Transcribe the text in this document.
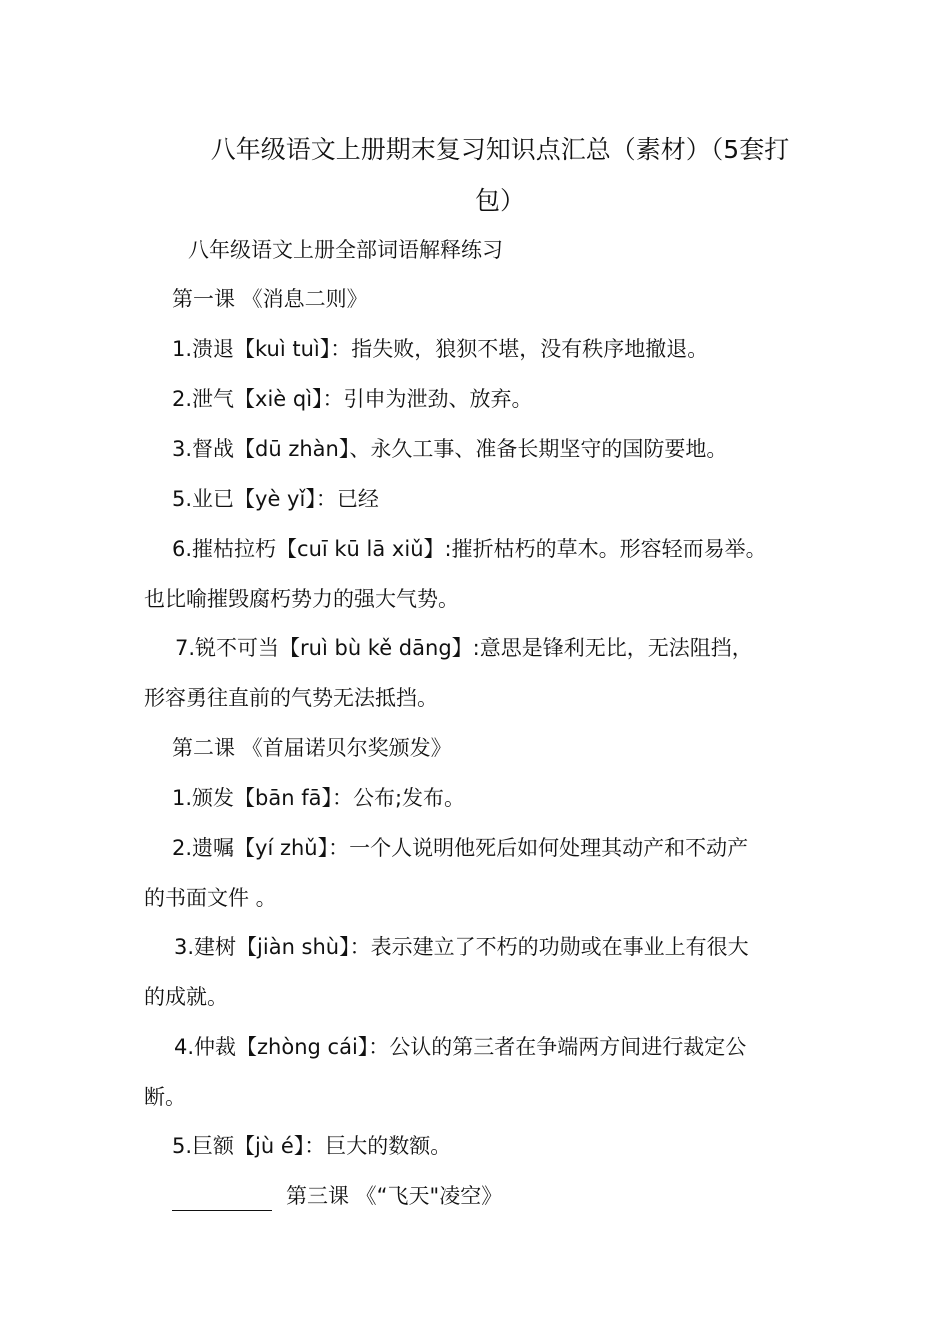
八年级语文上册期末复习知识点汇总（素材）（5套打
包）
八年级语文上册全部词语解释练习
第一课 《消息二则》
1.溃退【kuì tuì】：指失败，狼狈不堪，没有秩序地撤退。
2.泄气【xiè qì】：引申为泄劲、放弃。
3.督战【dū zhàn】、永久工事、准备长期坚守的国防要地。
5.业已【yè yǐ】：已经
6.摧枯拉朽【cuī kū lā xiǔ】:摧折枯朽的草木。形容轻而易举。
也比喻摧毁腐朽势力的强大气势。
7.锐不可当【ruì bù kě dāng】:意思是锋利无比，无法阻挡，
形容勇往直前的气势无法抵挡。
第二课 《首届诺贝尔奖颁发》
1.颁发【bān fā】：公布;发布。
2.遗嘱【yí zhǔ】：一个人说明他死后如何处理其动产和不动产
的书面文件 。
3.建树【jiàn shù】：表示建立了不朽的功勋或在事业上有很大
的成就。
4.仲裁【zhòng cái】：公认的第三者在争端两方间进行裁定公
断。
5.巨额【jù é】：巨大的数额。
第三课 《“飞天"凌空》
